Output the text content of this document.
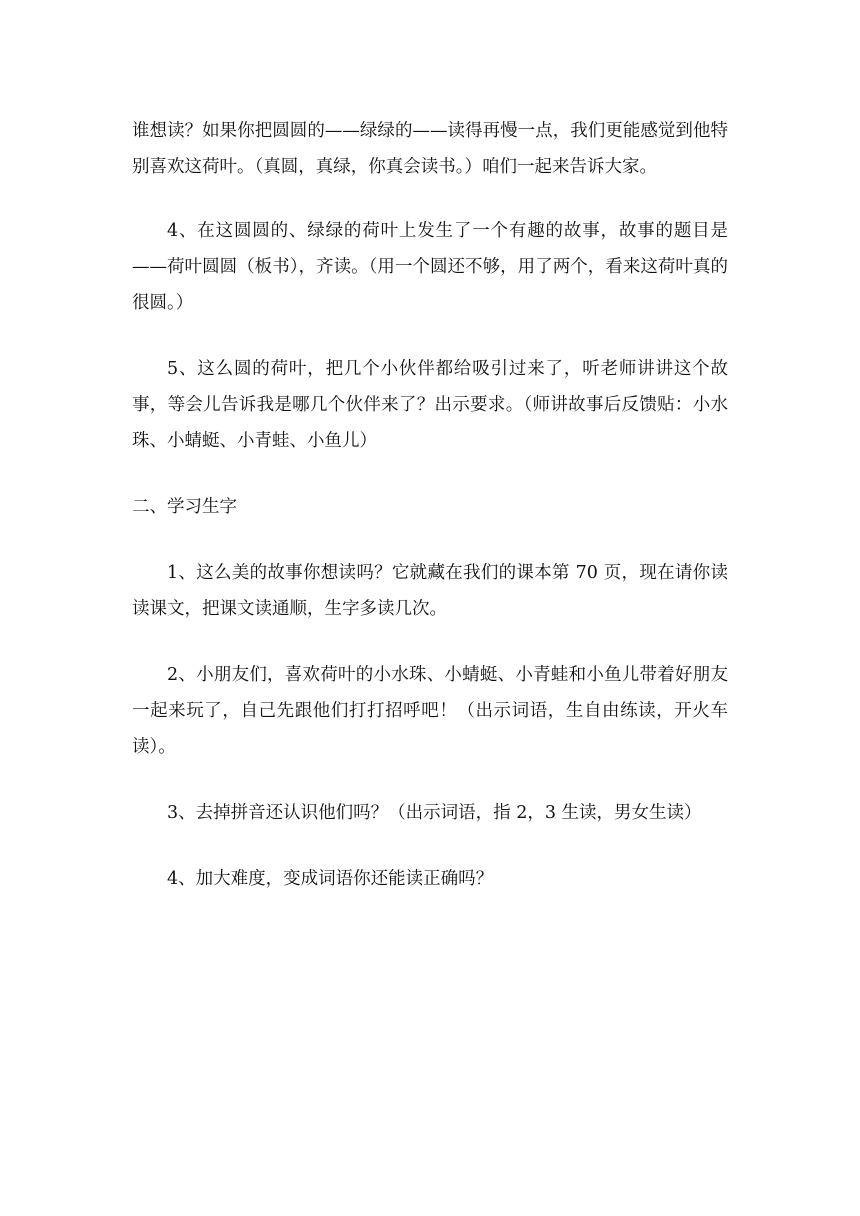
谁想读？如果你把圆圆的——绿绿的——读得再慢一点，我们更能感觉到他特别喜欢这荷叶。（真圆，真绿，你真会读书。）咱们一起来告诉大家。

4、在这圆圆的、绿绿的荷叶上发生了一个有趣的故事，故事的题目是——荷叶圆圆（板书），齐读。（用一个圆还不够，用了两个，看来这荷叶真的很圆。）

5、这么圆的荷叶，把几个小伙伴都给吸引过来了，听老师讲讲这个故事，等会儿告诉我是哪几个伙伴来了？出示要求。（师讲故事后反馈贴：小水珠、小蜻蜓、小青蛙、小鱼儿）

二、学习生字

1、这么美的故事你想读吗？它就藏在我们的课本第 70 页，现在请你读读课文，把课文读通顺，生字多读几次。

2、小朋友们，喜欢荷叶的小水珠、小蜻蜓、小青蛙和小鱼儿带着好朋友一起来玩了，自己先跟他们打打招呼吧！（出示词语，生自由练读，开火车读）。

3、去掉拼音还认识他们吗？（出示词语，指 2，3 生读，男女生读）

4、加大难度，变成词语你还能读正确吗？
